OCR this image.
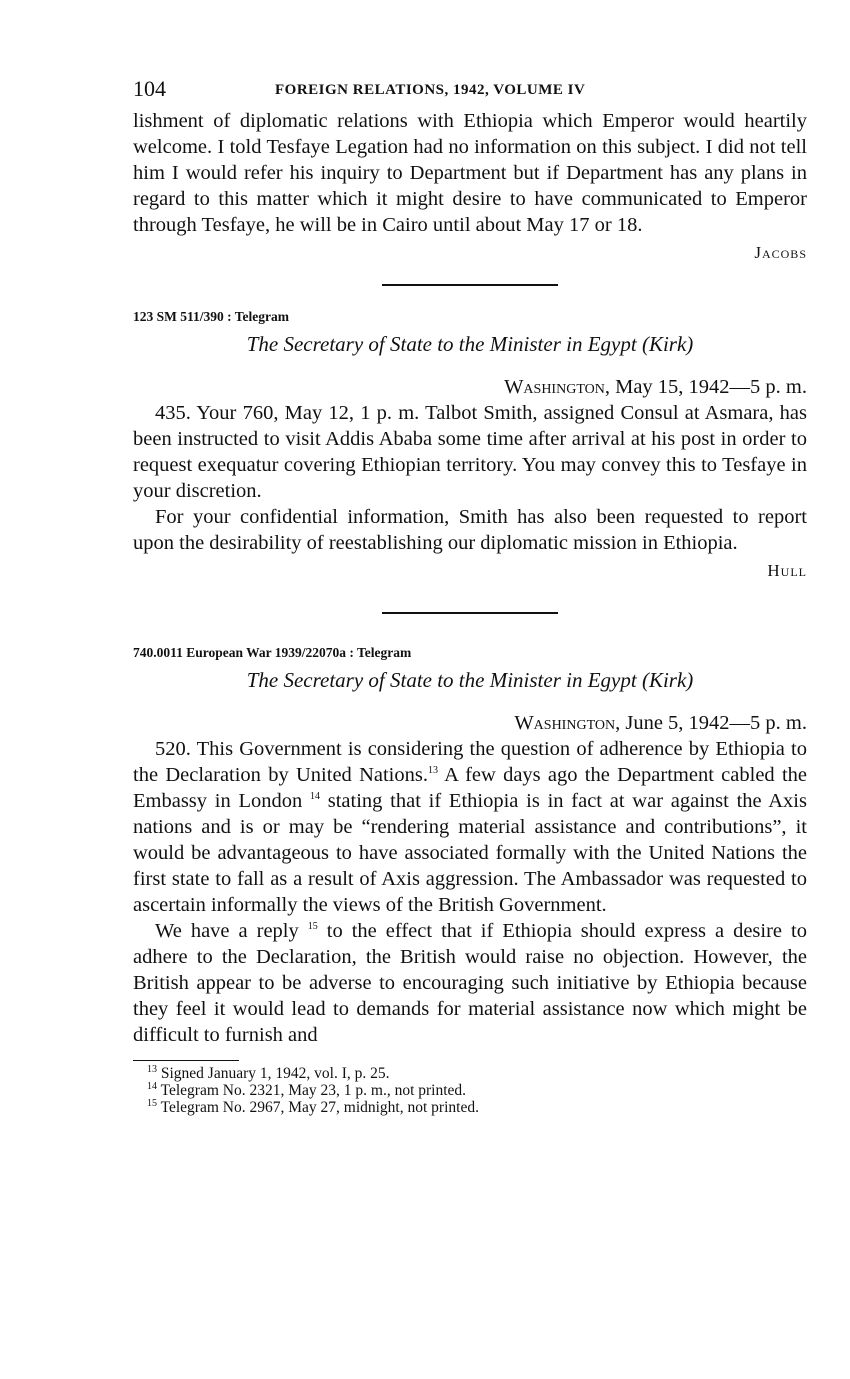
104	FOREIGN RELATIONS, 1942, VOLUME IV

lishment of diplomatic relations with Ethiopia which Emperor would heartily welcome. I told Tesfaye Legation had no information on this subject. I did not tell him I would refer his inquiry to Department but if Department has any plans in regard to this matter which it might desire to have communicated to Emperor through Tesfaye, he will be in Cairo until about May 17 or 18.

Jacobs
123 SM 511/390 : Telegram
The Secretary of State to the Minister in Egypt (Kirk)
Washington, May 15, 1942—5 p. m.

435. Your 760, May 12, 1 p. m. Talbot Smith, assigned Consul at Asmara, has been instructed to visit Addis Ababa some time after arrival at his post in order to request exequatur covering Ethiopian territory. You may convey this to Tesfaye in your discretion.

For your confidential information, Smith has also been requested to report upon the desirability of reestablishing our diplomatic mission in Ethiopia.

Hull
740.0011 European War 1939/22070a : Telegram
The Secretary of State to the Minister in Egypt (Kirk)
Washington, June 5, 1942—5 p. m.

520. This Government is considering the question of adherence by Ethiopia to the Declaration by United Nations.$^{13}$ A few days ago the Department cabled the Embassy in London $^{14}$ stating that if Ethiopia is in fact at war against the Axis nations and is or may be “rendering material assistance and contributions”, it would be advantageous to have associated formally with the United Nations the first state to fall as a result of Axis aggression. The Ambassador was requested to ascertain informally the views of the British Government.

We have a reply $^{15}$ to the effect that if Ethiopia should express a desire to adhere to the Declaration, the British would raise no objection. However, the British appear to be adverse to encouraging such initiative by Ethiopia because they feel it would lead to demands for material assistance now which might be difficult to furnish and

$^{13}$ Signed January 1, 1942, vol. I, p. 25.
$^{14}$ Telegram No. 2321, May 23, 1 p. m., not printed.
$^{15}$ Telegram No. 2967, May 27, midnight, not printed.
